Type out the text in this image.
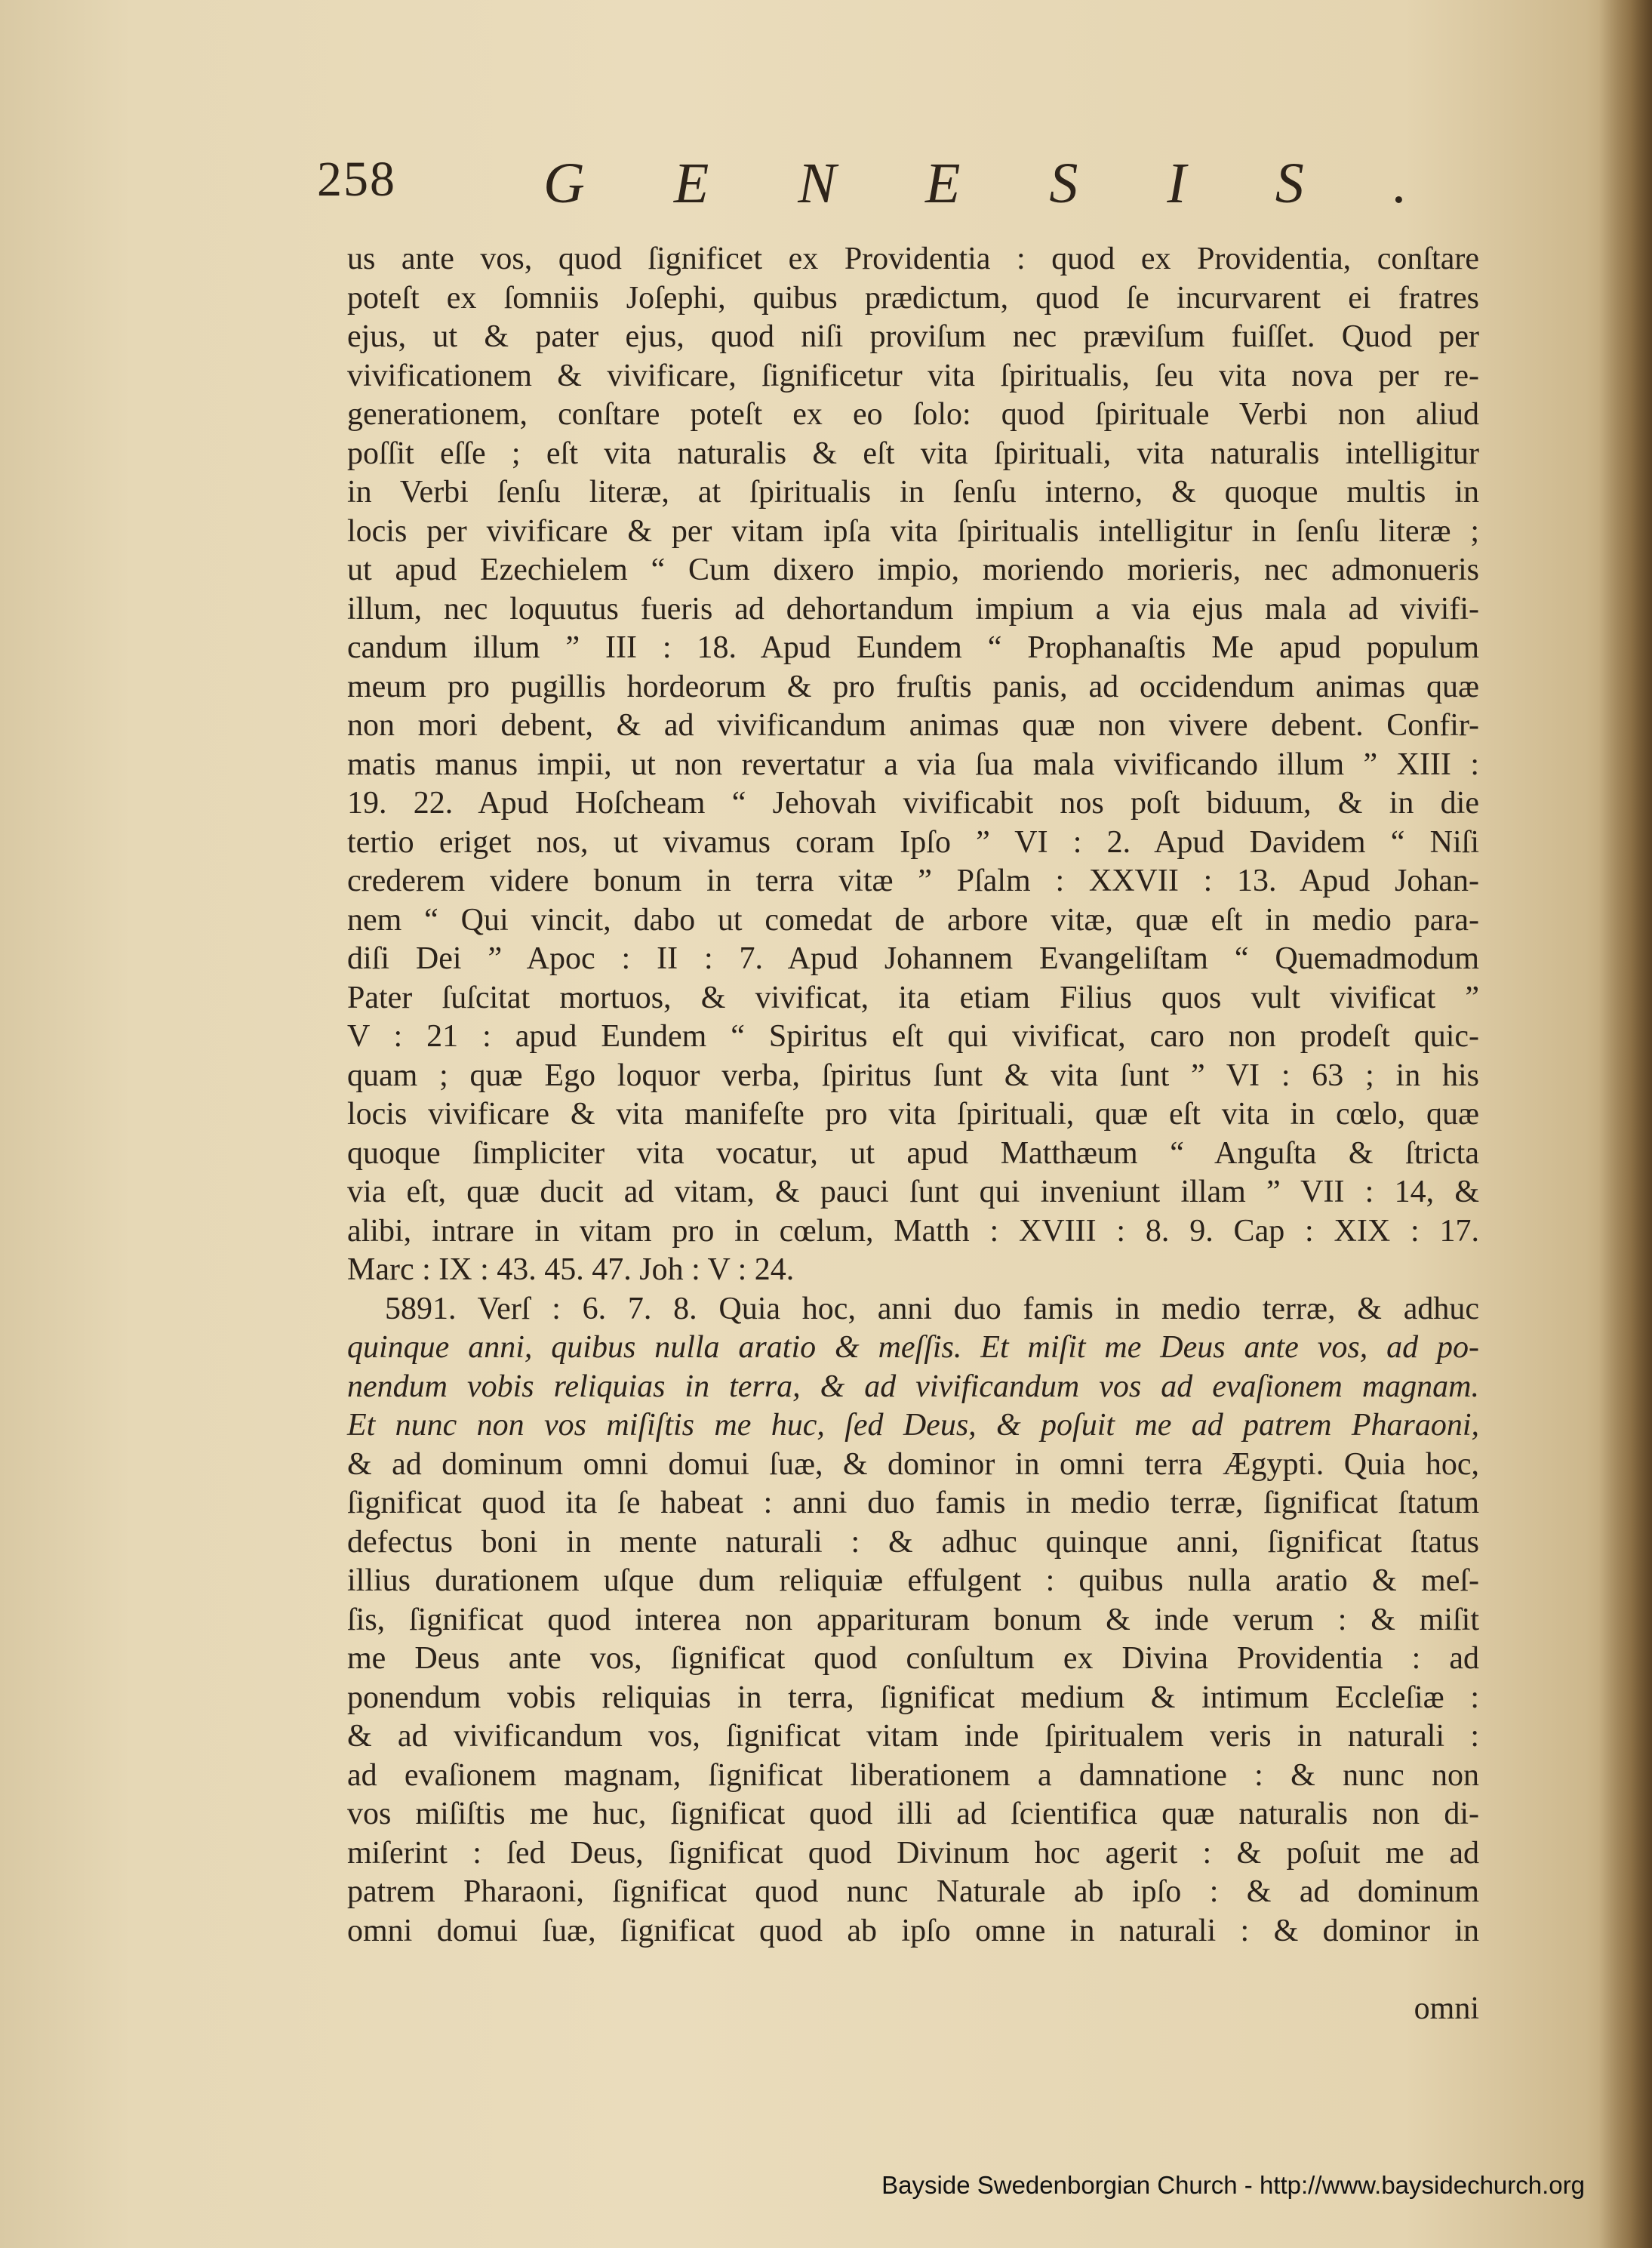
258	GENESIS.
us ante vos, quod ſignificet ex Providentia : quod ex Providentia, conſtare
poteſt ex ſomniis Joſephi, quibus prædictum, quod ſe incurvarent ei fratres
ejus, ut & pater ejus, quod niſi proviſum nec præviſum fuiſſet. Quod per
vivificationem & vivificare, ſignificetur vita ſpiritualis, ſeu vita nova per re-
generationem, conſtare poteſt ex eo ſolo: quod ſpirituale Verbi non aliud
poſſit eſſe ; eſt vita naturalis & eſt vita ſpirituali, vita naturalis intelligitur
in Verbi ſenſu literæ, at ſpiritualis in ſenſu interno, & quoque multis in
locis per vivificare & per vitam ipſa vita ſpiritualis intelligitur in ſenſu literæ ;
ut apud Ezechielem “ Cum dixero impio, moriendo morieris, nec admonueris
illum, nec loquutus fueris ad dehortandum impium a via ejus mala ad vivifi-
candum illum ” III : 18. Apud Eundem “ Prophanaſtis Me apud populum
meum pro pugillis hordeorum & pro fruſtis panis, ad occidendum animas quæ
non mori debent, & ad vivificandum animas quæ non vivere debent. Confir-
matis manus impii, ut non revertatur a via ſua mala vivificando illum ” XIII :
19. 22. Apud Hoſcheam “ Jehovah vivificabit nos poſt biduum, & in die
tertio eriget nos, ut vivamus coram Ipſo ” VI : 2. Apud Davidem “ Niſi
crederem videre bonum in terra vitæ ” Pſalm : XXVII : 13. Apud Johan-
nem “ Qui vincit, dabo ut comedat de arbore vitæ, quæ eſt in medio para-
diſi Dei ” Apoc : II : 7. Apud Johannem Evangeliſtam “ Quemadmodum
Pater ſuſcitat mortuos, & vivificat, ita etiam Filius quos vult vivificat ”
V : 21 : apud Eundem “ Spiritus eſt qui vivificat, caro non prodeſt quic-
quam ; quæ Ego loquor verba, ſpiritus ſunt & vita ſunt ” VI : 63 ; in his
locis vivificare & vita manifeſte pro vita ſpirituali, quæ eſt vita in cœlo, quæ
quoque ſimpliciter vita vocatur, ut apud Matthæum “ Anguſta & ſtricta
via eſt, quæ ducit ad vitam, & pauci ſunt qui inveniunt illam ” VII : 14, &
alibi, intrare in vitam pro in cœlum, Matth : XVIII : 8. 9. Cap : XIX : 17.
Marc : IX : 43. 45. 47. Joh : V : 24.
5891. Verſ : 6. 7. 8. Quia hoc, anni duo famis in medio terræ, & adhuc
quinque anni, quibus nulla aratio & meſſis. Et miſit me Deus ante vos, ad po-
nendum vobis reliquias in terra, & ad vivificandum vos ad evaſionem magnam.
Et nunc non vos miſiſtis me huc, ſed Deus, & poſuit me ad patrem Pharaoni,
& ad dominum omni domui ſuæ, & dominor in omni terra Ægypti. Quia hoc,
ſignificat quod ita ſe habeat : anni duo famis in medio terræ, ſignificat ſtatum
defectus boni in mente naturali : & adhuc quinque anni, ſignificat ſtatus
illius durationem uſque dum reliquiæ effulgent : quibus nulla aratio & meſ-
ſis, ſignificat quod interea non apparituram bonum & inde verum : & miſit
me Deus ante vos, ſignificat quod conſultum ex Divina Providentia : ad
ponendum vobis reliquias in terra, ſignificat medium & intimum Eccleſiæ :
& ad vivificandum vos, ſignificat vitam inde ſpiritualem veris in naturali :
ad evaſionem magnam, ſignificat liberationem a damnatione : & nunc non
vos miſiſtis me huc, ſignificat quod illi ad ſcientifica quæ naturalis non di-
miſerint : ſed Deus, ſignificat quod Divinum hoc agerit : & poſuit me ad
patrem Pharaoni, ſignificat quod nunc Naturale ab ipſo : & ad dominum
omni domui ſuæ, ſignificat quod ab ipſo omne in naturali : & dominor in
omni
Bayside Swedenborgian Church - http://www.baysidechurch.org
